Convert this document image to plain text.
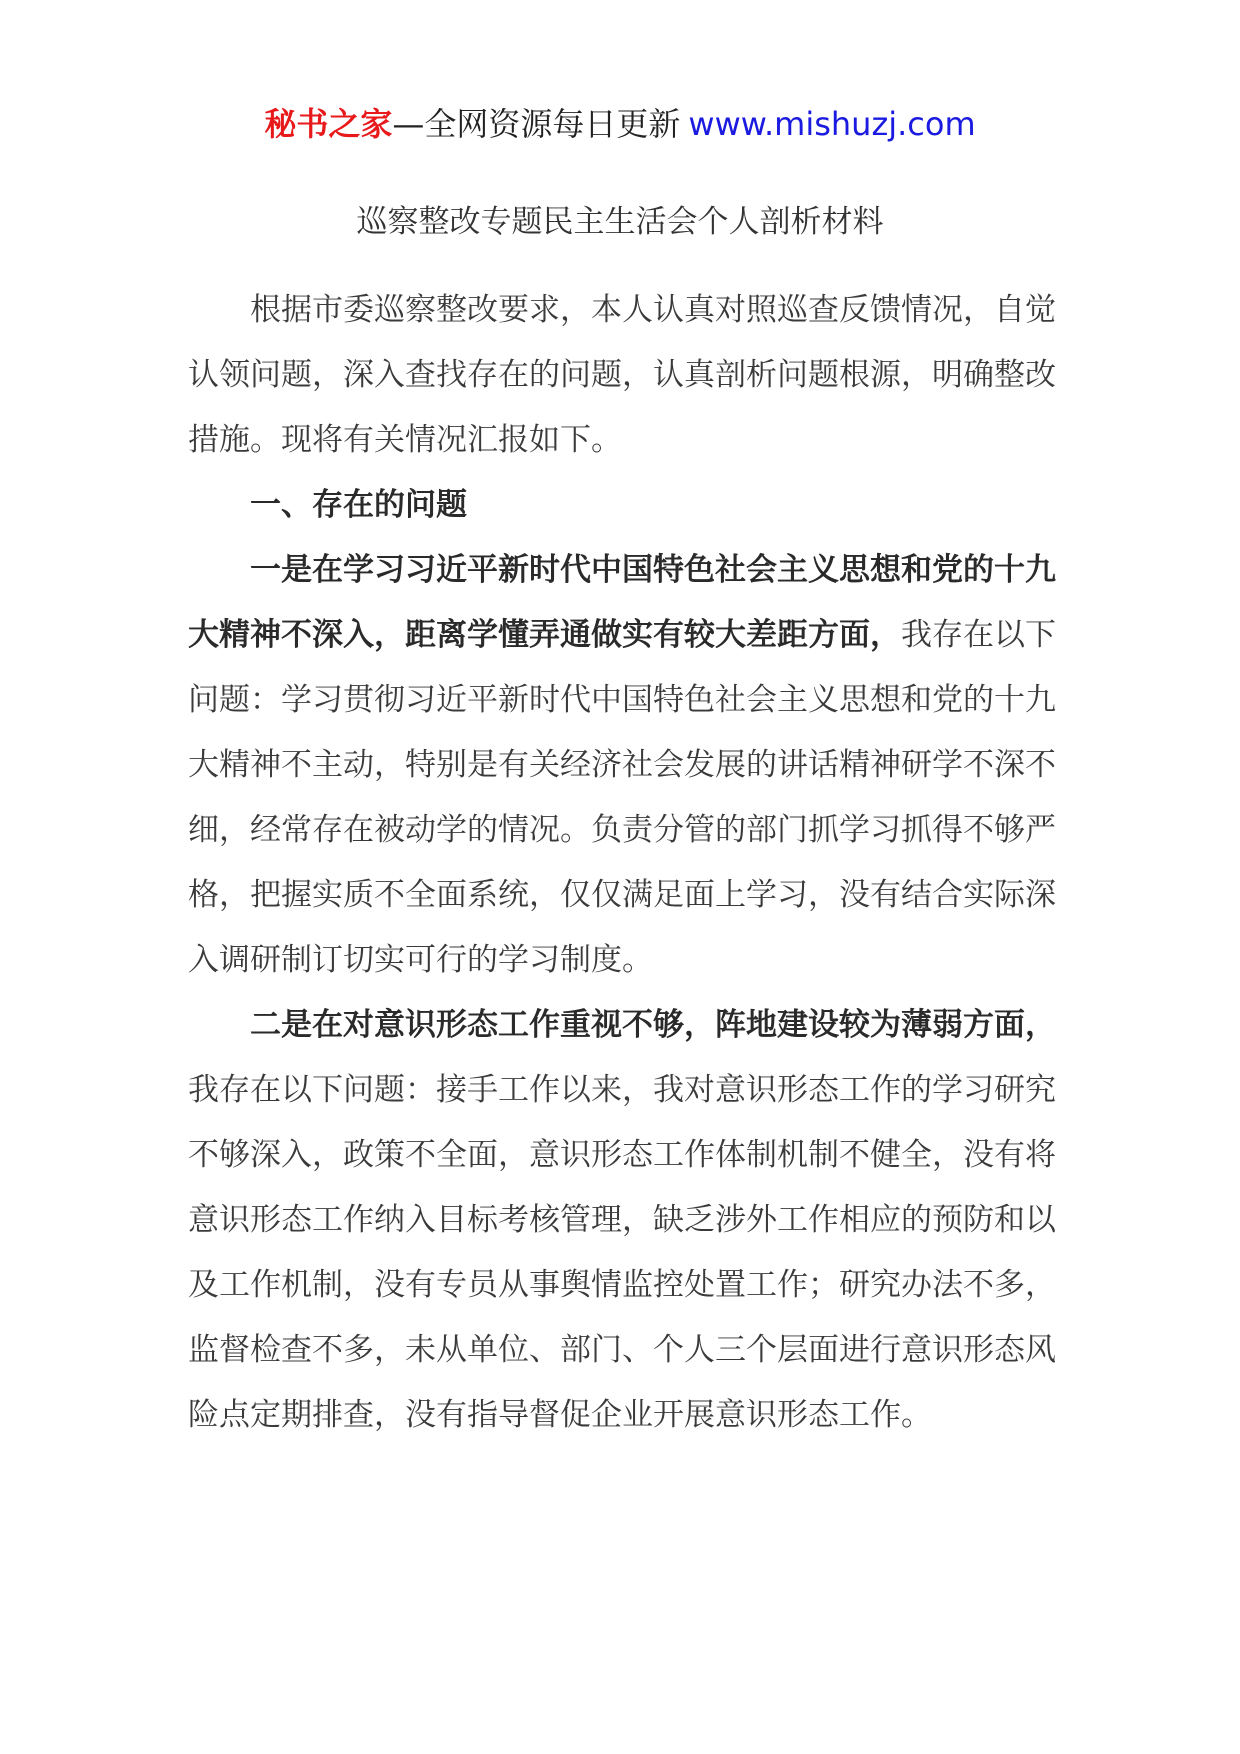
秘书之家—全网资源每日更新 www.mishuzj.com
巡察整改专题民主生活会个人剖析材料

根据市委巡察整改要求，本人认真对照巡查反馈情况，自觉认领问题，深入查找存在的问题，认真剖析问题根源，明确整改措施。现将有关情况汇报如下。

一、存在的问题

一是在学习习近平新时代中国特色社会主义思想和党的十九大精神不深入，距离学懂弄通做实有较大差距方面，我存在以下问题：学习贯彻习近平新时代中国特色社会主义思想和党的十九大精神不主动，特别是有关经济社会发展的讲话精神研学不深不细，经常存在被动学的情况。负责分管的部门抓学习抓得不够严格，把握实质不全面系统，仅仅满足面上学习，没有结合实际深入调研制订切实可行的学习制度。

二是在对意识形态工作重视不够，阵地建设较为薄弱方面，我存在以下问题：接手工作以来，我对意识形态工作的学习研究不够深入，政策不全面，意识形态工作体制机制不健全，没有将意识形态工作纳入目标考核管理，缺乏涉外工作相应的预防和以及工作机制，没有专员从事舆情监控处置工作；研究办法不多，监督检查不多，未从单位、部门、个人三个层面进行意识形态风险点定期排查，没有指导督促企业开展意识形态工作。
